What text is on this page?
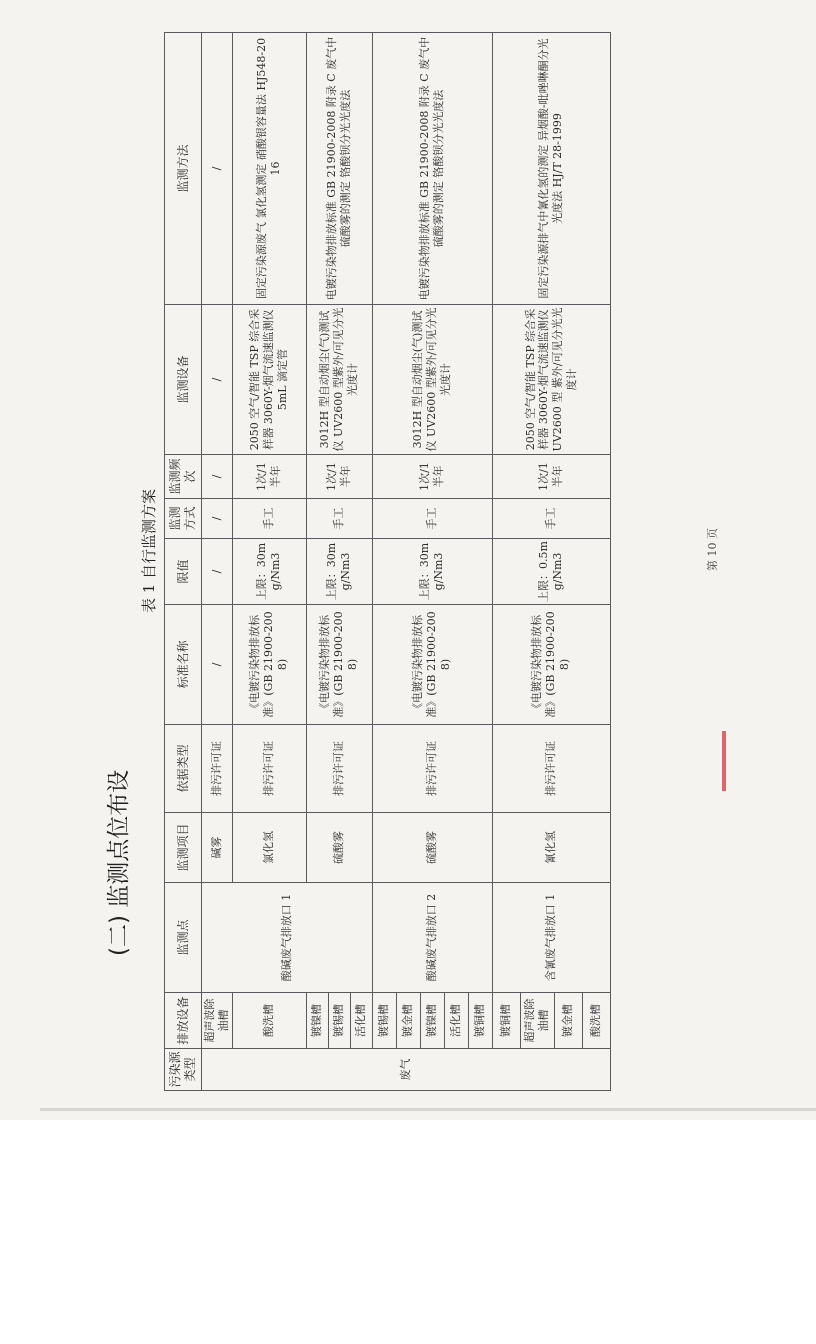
(二) 监测点位布设
表 1 自行监测方案
污染源类型	排放设备	监测点	监测项目	依据类型	标准名称	限值	监测方式	监测频次	监测设备	监测方法
废气	超声波除油槽	酸碱废气排放口 1	碱雾	排污许可证	/	/	/	/	/	/
	酸洗槽		氯化氢	排污许可证	《电镀污染物排放标准》(GB 21900-2008)	上限：30mg/Nm3	手工	1次/1半年	2050 空气/智能 TSP 综合采样器 3060Y-烟气流速监测仪 5mL 滴定管	固定污染源废气 氯化氢测定 硝酸银容量法 HJ548-2016
	镀镍槽		硫酸雾	排污许可证	《电镀污染物排放标准》(GB 21900-2008)	上限：30mg/Nm3	手工	1次/1半年	3012H 型自动烟尘(气)测试仪 UV2600 型紫外/可见分光光度计	电镀污染物排放标准 GB 21900-2008 附录 C 废气中硫酸雾的测定 铬酸钡分光光度法
	镀锡槽									
	活化槽									
	镀锡槽	酸碱废气排放口 2	硫酸雾	排污许可证	《电镀污染物排放标准》(GB 21900-2008)	上限：30mg/Nm3	手工	1次/1半年	3012H 型自动烟尘(气)测试仪 UV2600 型紫外/可见分光光度计	电镀污染物排放标准 GB 21900-2008 附录 C 废气中硫酸雾的测定 铬酸钡分光光度法
	镀金槽									
	镀镍槽									
	活化槽									
	镀铜槽									
	镀铜槽	含氰废气排放口 1	氰化氢	排污许可证	《电镀污染物排放标准》(GB 21900-2008)	上限：0.5mg/Nm3	手工	1次/1半年	2050 空气/智能 TSP 综合采样器 3060Y-烟气流速监测仪 UV2600 型 紫外/可见分光光度计	固定污染源排气中氰化氢的测定 异烟酸-吡唑啉酮分光光度法 HJ/T 28-1999
	超声波除油槽									
	镀金槽									
	酸洗槽									
第 10 页
